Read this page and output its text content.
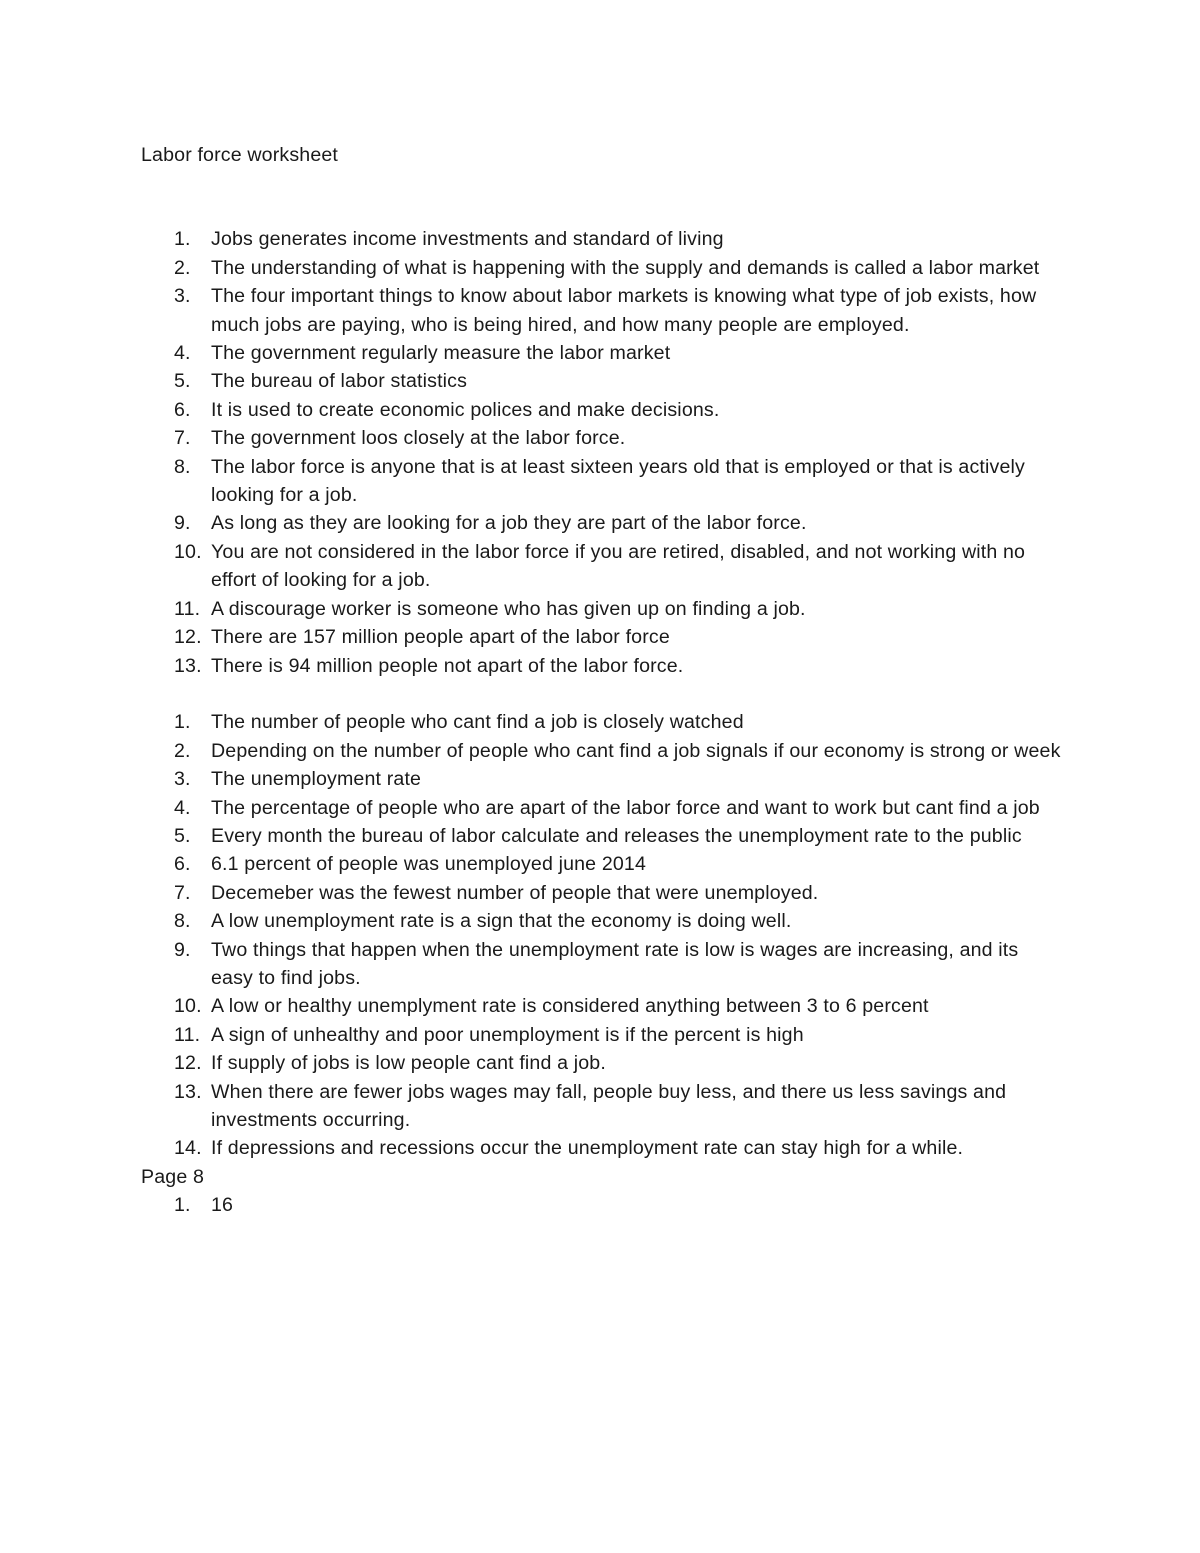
Labor force worksheet
1. Jobs generates income investments and standard of living
2. The understanding of what is happening with the supply and demands is called a labor market
3. The four important things to know about labor markets is knowing what type of job exists, how much jobs are paying, who is being hired, and how many people are employed.
4. The government regularly measure the labor market
5. The bureau of labor statistics
6. It is used to create economic polices and make decisions.
7. The government loos closely at the labor force.
8. The labor force is anyone that is at least sixteen years old that is employed or that is actively looking for a job.
9. As long as they are looking for a job they are part of the labor force.
10. You are not considered in the labor force if you are retired, disabled, and not working with no effort of looking for a job.
11. A discourage worker is someone who has given up on finding a job.
12. There are 157 million people apart of the labor force
13. There is 94 million people not apart of the labor force.
1. The number of people who cant find a job is closely watched
2. Depending on the number of people who cant find a job signals if our economy is strong or week
3. The unemployment rate
4. The percentage of people who are apart of the labor force and want to work but cant find a job
5. Every month the bureau of labor calculate and releases the unemployment rate to the public
6. 6.1 percent of people was unemployed june 2014
7. Decemeber was the fewest number of people that were unemployed.
8. A low unemployment rate is a sign that the economy is doing well.
9. Two things that happen when the unemployment rate is low is wages are increasing, and its easy to find jobs.
10. A low or healthy unemplyment rate is considered anything between 3 to 6 percent
11. A sign of unhealthy and poor unemployment is if the percent is high
12. If supply of jobs is low people cant find a job.
13. When there are fewer jobs wages may fall, people buy less, and there us less savings and investments occurring.
14. If depressions and recessions occur the unemployment rate can stay high for a while.
Page 8
1. 16
